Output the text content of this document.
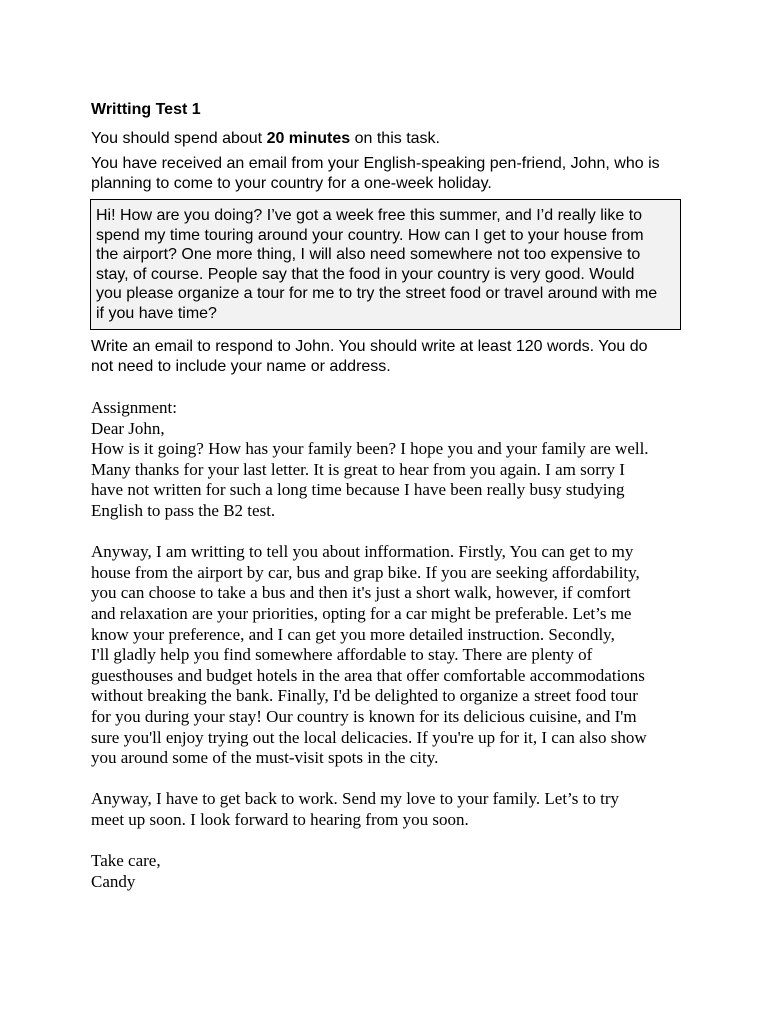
Writting Test 1
You should spend about 20 minutes on this task.
You have received an email from your English-speaking pen-friend, John, who is
planning to come to your country for a one-week holiday.
Hi! How are you doing? I’ve got a week free this summer, and I’d really like to
spend my time touring around your country. How can I get to your house from
the airport? One more thing, I will also need somewhere not too expensive to
stay, of course. People say that the food in your country is very good. Would
you please organize a tour for me to try the street food or travel around with me
if you have time?
Write an email to respond to John. You should write at least 120 words. You do
not need to include your name or address.

Assignment:

Dear John,

How is it going? How has your family been? I hope you and your family are well.
Many thanks for your last letter. It is great to hear from you again. I am sorry I
have not written for such a long time because I have been really busy studying
English to pass the B2 test.

Anyway, I am writting to tell you about infformation. Firstly, You can get to my
house from the airport by car, bus and grap bike. If you are seeking affordability,
you can choose to take a bus and then it's just a short walk, however, if comfort
and relaxation are your priorities, opting for a car might be preferable. Let’s me
know your preference, and I can get you more detailed instruction. Secondly,
I'll gladly help you find somewhere affordable to stay. There are plenty of
guesthouses and budget hotels in the area that offer comfortable accommodations
without breaking the bank. Finally, I'd be delighted to organize a street food tour
for you during your stay! Our country is known for its delicious cuisine, and I'm
sure you'll enjoy trying out the local delicacies. If you're up for it, I can also show
you around some of the must-visit spots in the city.

Anyway, I have to get back to work. Send my love to your family. Let’s to try
meet up soon. I look forward to hearing from you soon.

Take care,

Candy
